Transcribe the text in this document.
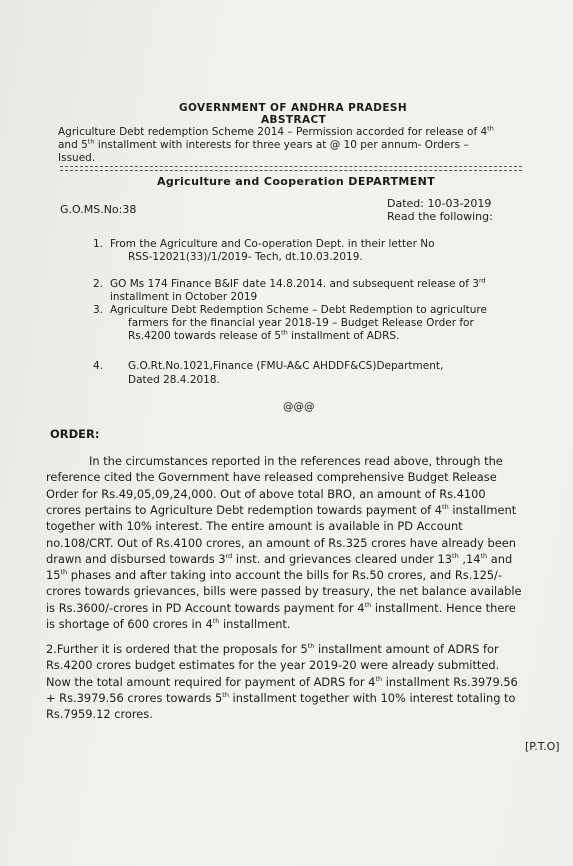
GOVERNMENT OF ANDHRA PRADESH
ABSTRACT
Agriculture Debt redemption Scheme 2014 – Permission accorded for release of 4th
and 5th installment with interests for three years at @ 10 per annum- Orders –
Issued.
Agriculture and Cooperation DEPARTMENT
G.O.MS.No:38	Dated: 10-03-2019
Read the following:
1. From the Agriculture and Co-operation Dept. in their letter No
RSS-12021(33)/1/2019- Tech, dt.10.03.2019.
2. GO Ms 174 Finance B&IF date 14.8.2014. and subsequent release of 3rd
installment in October 2019
3. Agriculture Debt Redemption Scheme – Debt Redemption to agriculture
farmers for the financial year 2018-19 – Budget Release Order for
Rs.4200 towards release of 5th installment of ADRS.
4. G.O.Rt.No.1021,Finance (FMU-A&C AHDDF&CS)Department,
Dated 28.4.2018.
@@@
ORDER:
In the circumstances reported in the references read above, through the
reference cited the Government have released comprehensive Budget Release
Order for Rs.49,05,09,24,000. Out of above total BRO, an amount of Rs.4100
crores pertains to Agriculture Debt redemption towards payment of 4th installment
together with 10% interest. The entire amount is available in PD Account
no.108/CRT. Out of Rs.4100 crores, an amount of Rs.325 crores have already been
drawn and disbursed towards 3rd inst. and grievances cleared under 13th ,14th and
15th phases and after taking into account the bills for Rs.50 crores, and Rs.125/-
crores towards grievances, bills were passed by treasury, the net balance available
is Rs.3600/-crores in PD Account towards payment for 4th installment. Hence there
is shortage of 600 crores in 4th installment.
2.Further it is ordered that the proposals for 5th installment amount of ADRS for
Rs.4200 crores budget estimates for the year 2019-20 were already submitted.
Now the total amount required for payment of ADRS for 4th installment Rs.3979.56
+ Rs.3979.56 crores towards 5th installment together with 10% interest totaling to
Rs.7959.12 crores.
[P.T.O]
